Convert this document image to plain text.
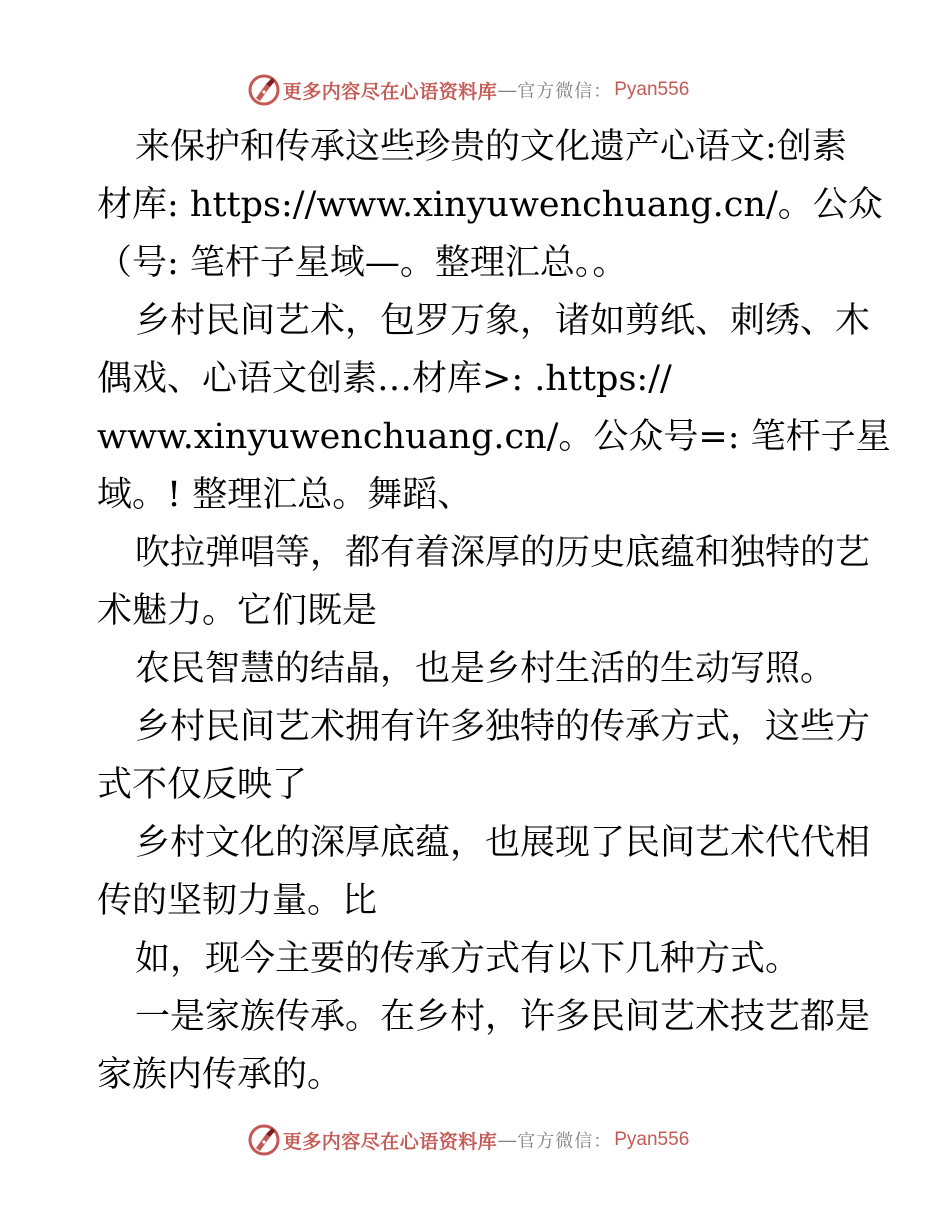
更多内容尽在心语资料库 — 官方微信： Pyan556
来保护和传承这些珍贵的文化遗产心语文:创素
材库: https://www.xinyuwenchuang.cn/。公众
（号: 笔杆子星域—。整理汇总。。
乡村民间艺术，包罗万象，诸如剪纸、刺绣、木
偶戏、心语文创素…材库>: .https://
www.xinyuwenchuang.cn/。公众号=: 笔杆子星
域。! 整理汇总。舞蹈、
吹拉弹唱等，都有着深厚的历史底蕴和独特的艺
术魅力。它们既是
农民智慧的结晶，也是乡村生活的生动写照。
乡村民间艺术拥有许多独特的传承方式，这些方
式不仅反映了
乡村文化的深厚底蕴，也展现了民间艺术代代相
传的坚韧力量。比
如，现今主要的传承方式有以下几种方式。
一是家族传承。在乡村，许多民间艺术技艺都是
家族内传承的。
更多内容尽在心语资料库 — 官方微信： Pyan556
